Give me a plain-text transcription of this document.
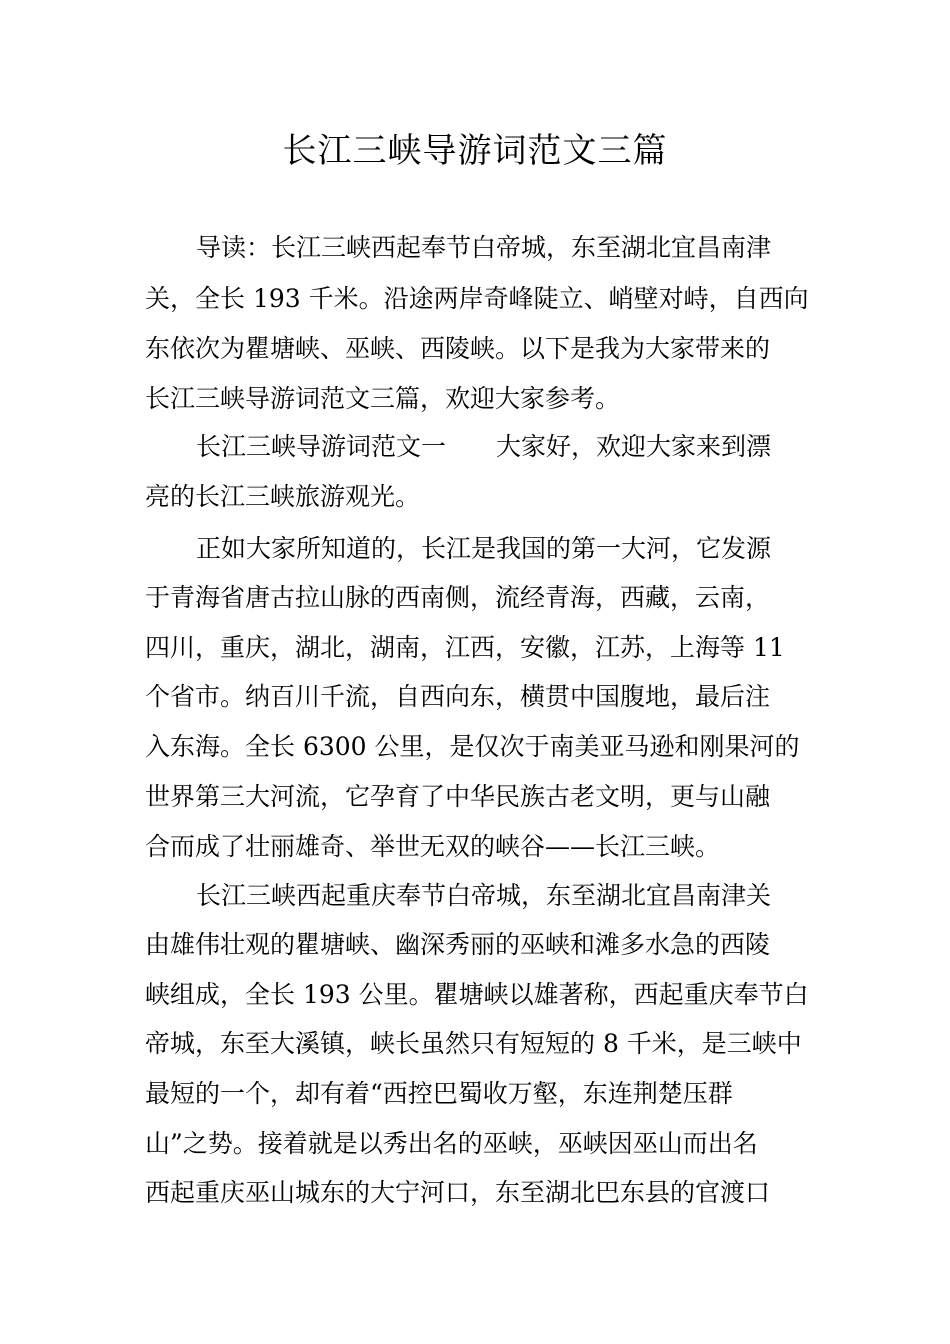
长江三峡导游词范文三篇
导读：长江三峡西起奉节白帝城，东至湖北宜昌南津
关，全长 193 千米。沿途两岸奇峰陡立、峭壁对峙，自西向
东依次为瞿塘峡、巫峡、西陵峡。以下是我为大家带来的
长江三峡导游词范文三篇，欢迎大家参考。
长江三峡导游词范文一　　大家好，欢迎大家来到漂
亮的长江三峡旅游观光。
正如大家所知道的，长江是我国的第一大河，它发源
于青海省唐古拉山脉的西南侧，流经青海，西藏，云南，
四川，重庆，湖北，湖南，江西，安徽，江苏，上海等 11
个省市。纳百川千流，自西向东，横贯中国腹地，最后注
入东海。全长 6300 公里，是仅次于南美亚马逊和刚果河的
世界第三大河流，它孕育了中华民族古老文明，更与山融
合而成了壮丽雄奇、举世无双的峡谷——长江三峡。
长江三峡西起重庆奉节白帝城，东至湖北宜昌南津关
由雄伟壮观的瞿塘峡、幽深秀丽的巫峡和滩多水急的西陵
峡组成，全长 193 公里。瞿塘峡以雄著称，西起重庆奉节白
帝城，东至大溪镇，峡长虽然只有短短的 8 千米，是三峡中
最短的一个，却有着“西控巴蜀收万壑，东连荆楚压群
山”之势。接着就是以秀出名的巫峡，巫峡因巫山而出名
西起重庆巫山城东的大宁河口，东至湖北巴东县的官渡口
